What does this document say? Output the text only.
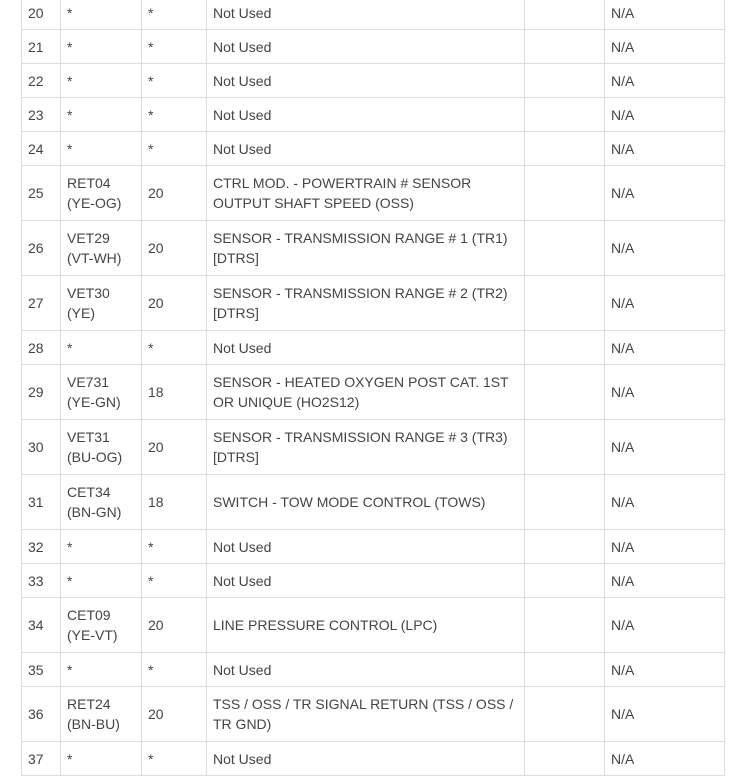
20	*	*	Not Used		N/A
21	*	*	Not Used		N/A
22	*	*	Not Used		N/A
23	*	*	Not Used		N/A
24	*	*	Not Used		N/A
25	RET04 (YE-OG)	20	CTRL MOD. - POWERTRAIN # SENSOR OUTPUT SHAFT SPEED (OSS)		N/A
26	VET29 (VT-WH)	20	SENSOR - TRANSMISSION RANGE # 1 (TR1) [DTRS]		N/A
27	VET30 (YE)	20	SENSOR - TRANSMISSION RANGE # 2 (TR2) [DTRS]		N/A
28	*	*	Not Used		N/A
29	VE731 (YE-GN)	18	SENSOR - HEATED OXYGEN POST CAT. 1ST OR UNIQUE (HO2S12)		N/A
30	VET31 (BU-OG)	20	SENSOR - TRANSMISSION RANGE # 3 (TR3) [DTRS]		N/A
31	CET34 (BN-GN)	18	SWITCH - TOW MODE CONTROL (TOWS)		N/A
32	*	*	Not Used		N/A
33	*	*	Not Used		N/A
34	CET09 (YE-VT)	20	LINE PRESSURE CONTROL (LPC)		N/A
35	*	*	Not Used		N/A
36	RET24 (BN-BU)	20	TSS / OSS / TR SIGNAL RETURN (TSS / OSS / TR GND)		N/A
37	*	*	Not Used		N/A
